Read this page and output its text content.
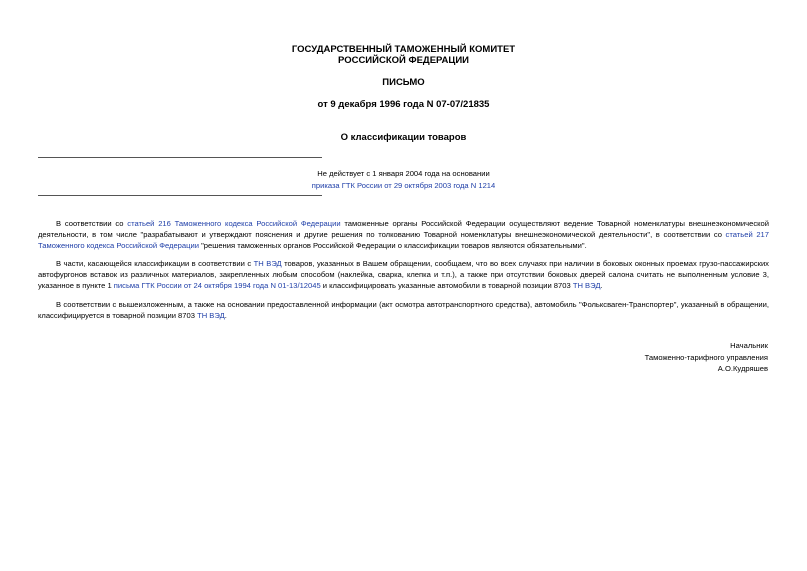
ГОСУДАРСТВЕННЫЙ ТАМОЖЕННЫЙ КОМИТЕТ
РОССИЙСКОЙ ФЕДЕРАЦИИ
ПИСЬМО
от 9 декабря 1996 года N 07-07/21835
О классификации товаров
Не действует с 1 января 2004 года на основании
приказа ГТК России от 29 октября 2003 года N 1214
В соответствии со статьей 216 Таможенного кодекса Российской Федерации таможенные органы Российской Федерации осуществляют ведение Товарной номенклатуры внешнеэкономической деятельности, в том числе "разрабатывают и утверждают пояснения и другие решения по толкованию Товарной номенклатуры внешнеэкономической деятельности", в соответствии со статьей 217 Таможенного кодекса Российской Федерации "решения таможенных органов Российской Федерации о классификации товаров являются обязательными".
В части, касающейся классификации в соответствии с ТН ВЭД товаров, указанных в Вашем обращении, сообщаем, что во всех случаях при наличии в боковых оконных проемах грузо-пассажирских автофургонов вставок из различных материалов, закрепленных любым способом (наклейка, сварка, клепка и т.п.), а также при отсутствии боковых дверей салона считать не выполненным условие 3, указанное в пункте 1 письма ГТК России от 24 октября 1994 года N 01-13/12045 и классифицировать указанные автомобили в товарной позиции 8703 ТН ВЭД.
В соответствии с вышеизложенным, а также на основании предоставленной информации (акт осмотра автотранспортного средства), автомобиль "Фольксваген-Транспортер", указанный в обращении, классифицируется в товарной позиции 8703 ТН ВЭД.
Начальник
Таможенно-тарифного управления
А.О.Кудряшев
